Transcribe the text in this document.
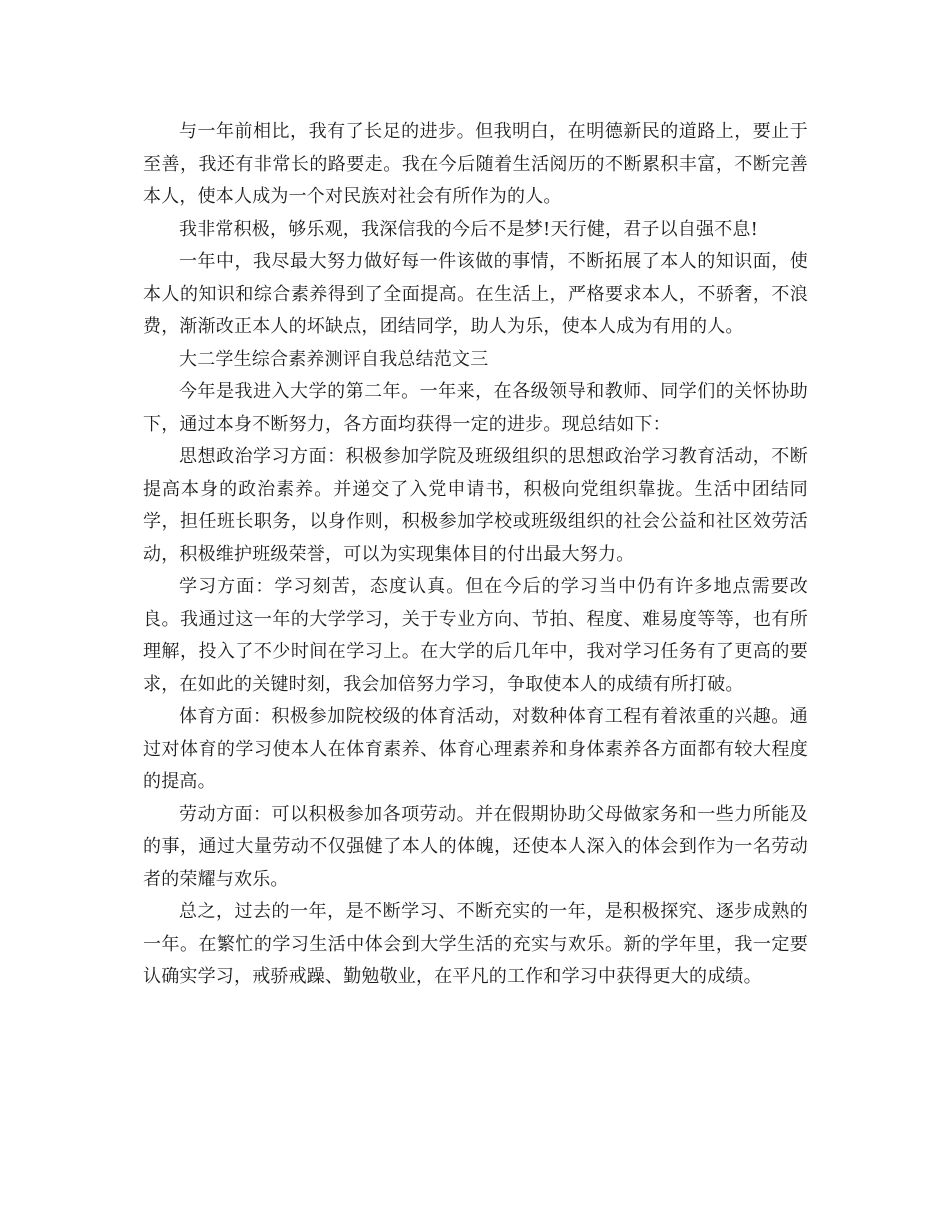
与一年前相比，我有了长足的进步。但我明白，在明德新民的道路上，要止于至善，我还有非常长的路要走。我在今后随着生活阅历的不断累积丰富，不断完善本人，使本人成为一个对民族对社会有所作为的人。

我非常积极，够乐观，我深信我的今后不是梦!天行健，君子以自强不息!

一年中，我尽最大努力做好每一件该做的事情，不断拓展了本人的知识面，使本人的知识和综合素养得到了全面提高。在生活上，严格要求本人，不骄奢，不浪费，渐渐改正本人的坏缺点，团结同学，助人为乐，使本人成为有用的人。

大二学生综合素养测评自我总结范文三

今年是我进入大学的第二年。一年来，在各级领导和教师、同学们的关怀协助下，通过本身不断努力，各方面均获得一定的进步。现总结如下：

思想政治学习方面：积极参加学院及班级组织的思想政治学习教育活动，不断提高本身的政治素养。并递交了入党申请书，积极向党组织靠拢。生活中团结同学，担任班长职务，以身作则，积极参加学校或班级组织的社会公益和社区效劳活动，积极维护班级荣誉，可以为实现集体目的付出最大努力。

学习方面：学习刻苦，态度认真。但在今后的学习当中仍有许多地点需要改良。我通过这一年的大学学习，关于专业方向、节拍、程度、难易度等等，也有所理解，投入了不少时间在学习上。在大学的后几年中，我对学习任务有了更高的要求，在如此的关键时刻，我会加倍努力学习，争取使本人的成绩有所打破。

体育方面：积极参加院校级的体育活动，对数种体育工程有着浓重的兴趣。通过对体育的学习使本人在体育素养、体育心理素养和身体素养各方面都有较大程度的提高。

劳动方面：可以积极参加各项劳动。并在假期协助父母做家务和一些力所能及的事，通过大量劳动不仅强健了本人的体魄，还使本人深入的体会到作为一名劳动者的荣耀与欢乐。

总之，过去的一年，是不断学习、不断充实的一年，是积极探究、逐步成熟的一年。在繁忙的学习生活中体会到大学生活的充实与欢乐。新的学年里，我一定要认确实学习，戒骄戒躁、勤勉敬业，在平凡的工作和学习中获得更大的成绩。
